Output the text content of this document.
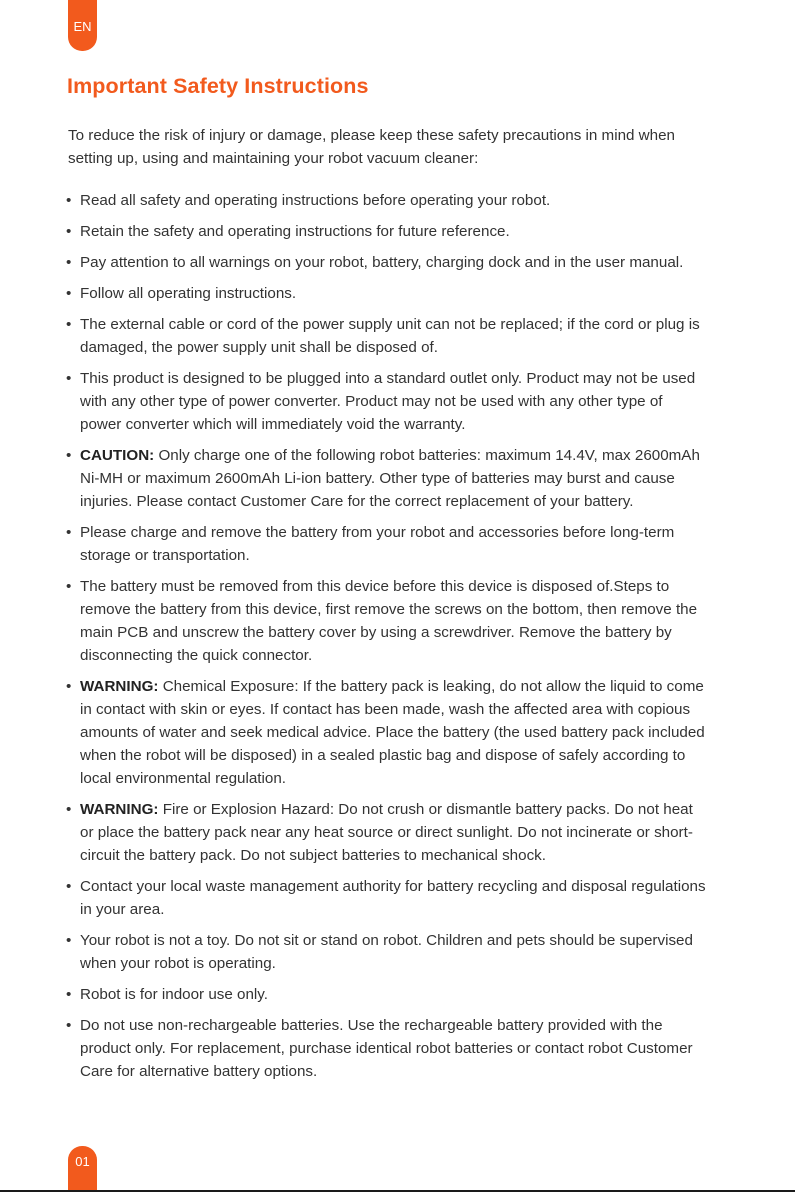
EN
Important Safety Instructions

To reduce the risk of injury or damage, please keep these safety precautions in mind when setting up, using and maintaining your robot vacuum cleaner:

• Read all safety and operating instructions before operating your robot.
• Retain the safety and operating instructions for future reference.
• Pay attention to all warnings on your robot, battery, charging dock and in the user manual.
• Follow all operating instructions.
• The external cable or cord of the power supply unit can not be replaced; if the cord or plug is damaged, the power supply unit shall be disposed of.
• This product is designed to be plugged into a standard outlet only. Product may not be used with any other type of power converter. Product may not be used with any other type of power converter which will immediately void the warranty.
• CAUTION: Only charge one of the following robot batteries: maximum 14.4V, max 2600mAh Ni-MH or maximum 2600mAh Li-ion battery. Other type of batteries may burst and cause injuries. Please contact Customer Care for the correct replacement of your battery.
• Please charge and remove the battery from your robot and accessories before long-term storage or transportation.
• The battery must be removed from this device before this device is disposed of.Steps to remove the battery from this device, first remove the screws on the bottom, then remove the main PCB and unscrew the battery cover by using a screwdriver. Remove the battery by disconnecting the quick connector.
• WARNING: Chemical Exposure: If the battery pack is leaking, do not allow the liquid to come in contact with skin or eyes. If contact has been made, wash the affected area with copious amounts of water and seek medical advice. Place the battery (the used battery pack included when the robot will be disposed) in a sealed plastic bag and dispose of safely according to local environmental regulation.
• WARNING: Fire or Explosion Hazard: Do not crush or dismantle battery packs. Do not heat or place the battery pack near any heat source or direct sunlight. Do not incinerate or short-circuit the battery pack. Do not subject batteries to mechanical shock.
• Contact your local waste management authority for battery recycling and disposal regulations in your area.
• Your robot is not a toy. Do not sit or stand on robot. Children and pets should be supervised when your robot is operating.
• Robot is for indoor use only.
• Do not use non-rechargeable batteries. Use the rechargeable battery provided with the product only. For replacement, purchase identical robot batteries or contact robot Customer Care for alternative battery options.
01
